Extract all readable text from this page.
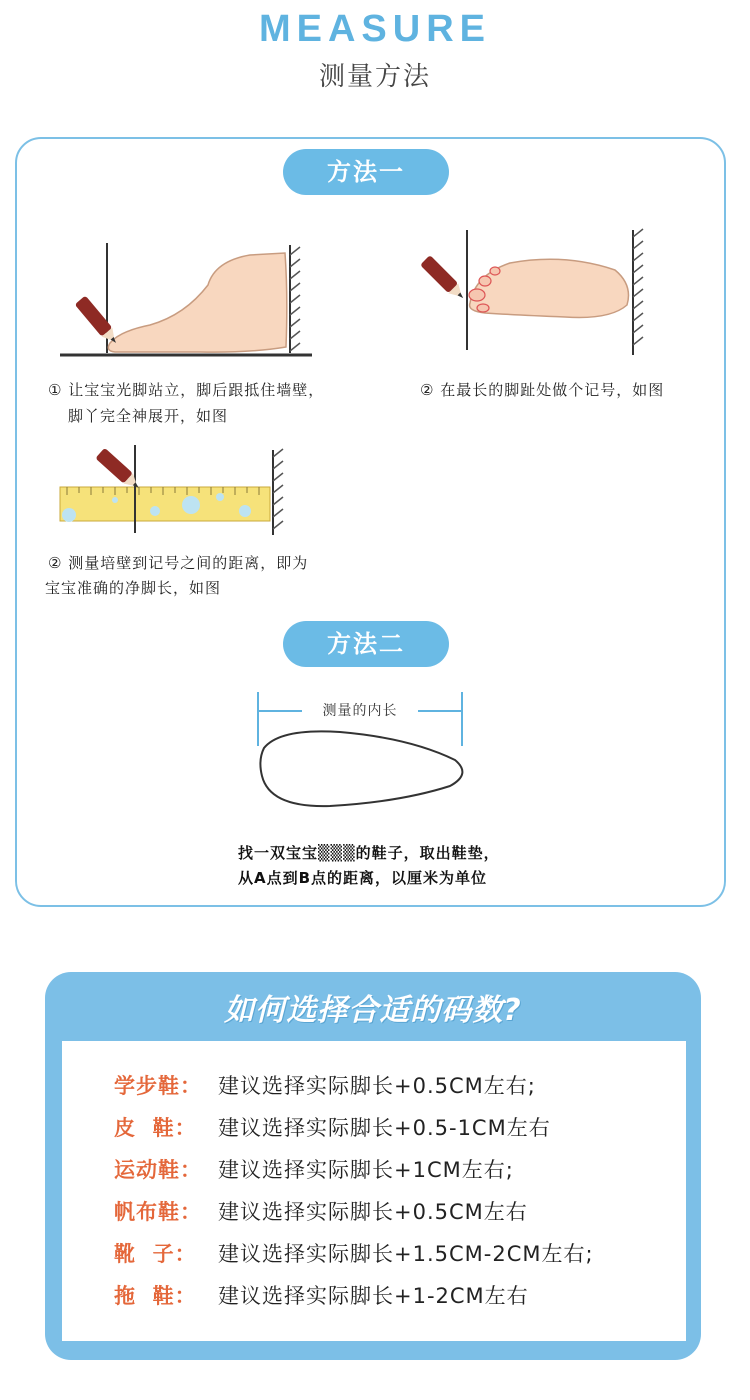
MEASURE
测量方法
方法一
① 让宝宝光脚站立，脚后跟抵住墙壁，
脚丫完全神展开，如图
② 在最长的脚趾处做个记号，如图
② 测量培壁到记号之间的距离，即为
宝宝准确的净脚长，如图
方法二
测量的内长
找一双宝宝▒▒▒的鞋子，取出鞋垫，
从A点到B点的距离，以厘米为单位
如何选择合适的码数?
学步鞋： 建议选择实际脚长+0.5CM左右;
皮  鞋： 建议选择实际脚长+0.5-1CM左右
运动鞋： 建议选择实际脚长+1CM左右;
帆布鞋： 建议选择实际脚长+0.5CM左右
靴  子： 建议选择实际脚长+1.5CM-2CM左右;
拖  鞋： 建议选择实际脚长+1-2CM左右
